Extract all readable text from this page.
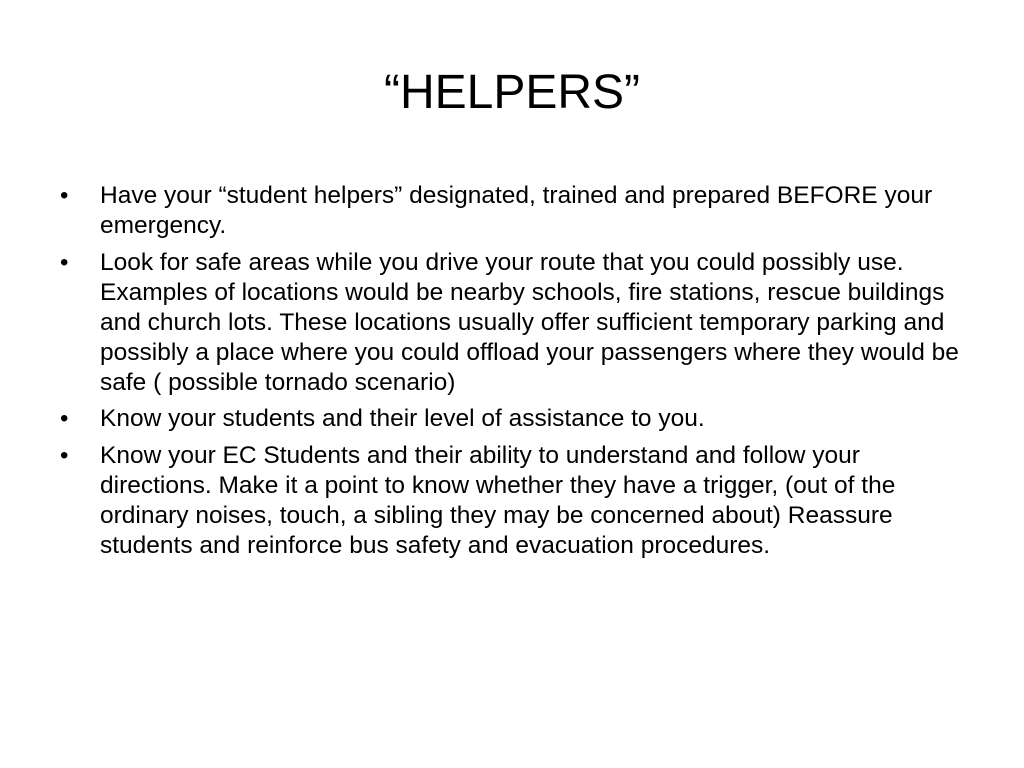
“HELPERS”
•	Have your “student helpers” designated, trained and prepared BEFORE your emergency.
•	Look for safe areas while you drive your route that you could possibly use. Examples of locations would be nearby schools, fire stations, rescue buildings and church lots. These locations usually offer sufficient temporary parking and possibly a place where you could offload your passengers where they would be safe ( possible tornado scenario)
•	Know your students and their level of assistance to you.
•	Know your EC Students and their ability to understand and follow your directions. Make it a point to know whether they have a trigger, (out of the ordinary noises, touch, a sibling they may be concerned about) Reassure students and reinforce bus safety and evacuation procedures.
